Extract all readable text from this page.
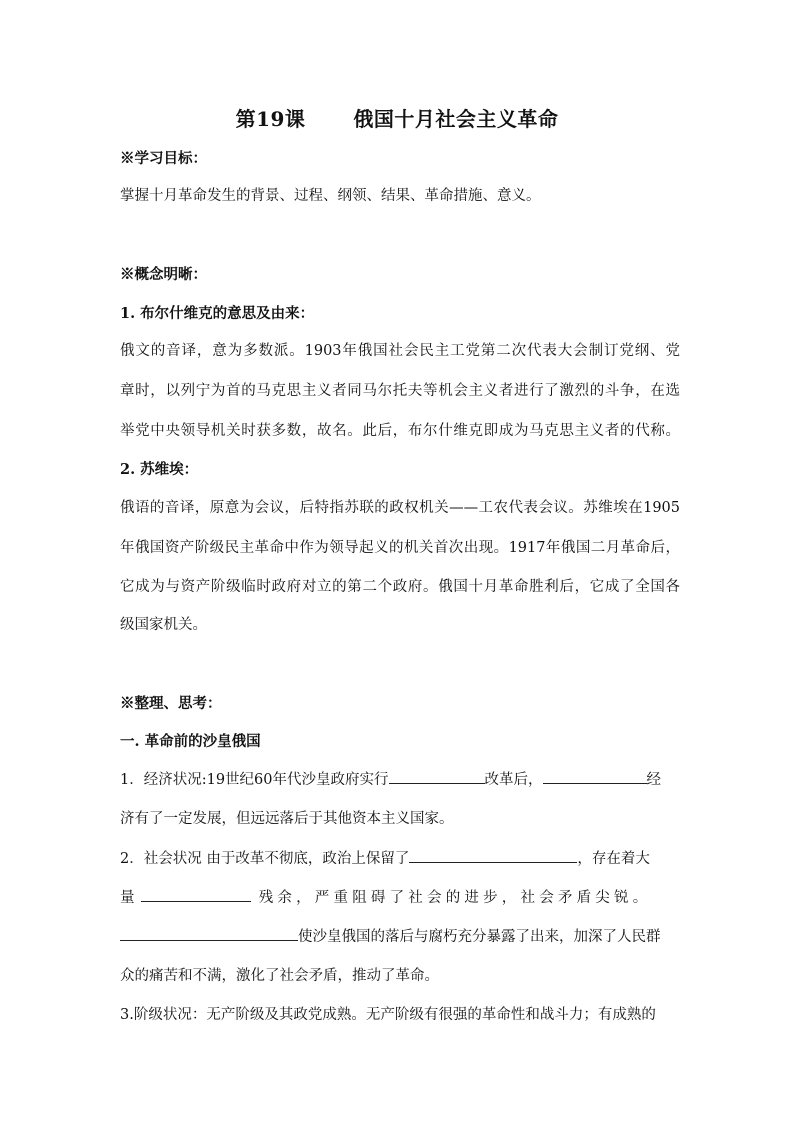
第19课 俄国十月社会主义革命
※学习目标：
掌握十月革命发生的背景、过程、纲领、结果、革命措施、意义。
※概念明晰：
1. 布尔什维克的意思及由来：
俄文的音译，意为多数派。1903年俄国社会民主工党第二次代表大会制订党纲、党
章时，以列宁为首的马克思主义者同马尔托夫等机会主义者进行了激烈的斗争，在选
举党中央领导机关时获多数，故名。此后，布尔什维克即成为马克思主义者的代称。
2. 苏维埃：
俄语的音译，原意为会议，后特指苏联的政权机关——工农代表会议。苏维埃在1905
年俄国资产阶级民主革命中作为领导起义的机关首次出现。1917年俄国二月革命后，
它成为与资产阶级临时政府对立的第二个政府。俄国十月革命胜利后，它成了全国各
级国家机关。
※整理、思考：
一. 革命前的沙皇俄国
1．经济状况:19世纪60年代沙皇政府实行	改革后，	经
济有了一定发展，但远远落后于其他资本主义国家。
2．社会状况 由于改革不彻底，政治上保留了	，存在着大
量	残余，严重阻碍了社会的进步，社会矛盾尖锐。
使沙皇俄国的落后与腐朽充分暴露了出来，加深了人民群
众的痛苦和不满，激化了社会矛盾，推动了革命。
3.阶级状况：无产阶级及其政党成熟。无产阶级有很强的革命性和战斗力；有成熟的
